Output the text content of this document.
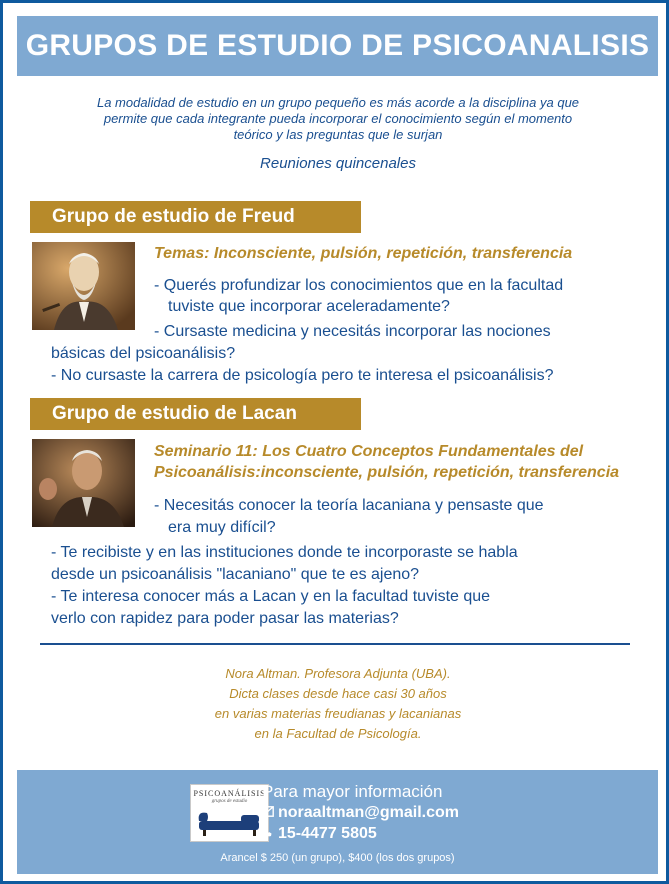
GRUPOS DE ESTUDIO DE PSICOANALISIS
La modalidad de estudio en un grupo pequeño es más acorde a la disciplina ya que
permite que cada integrante pueda incorporar el conocimiento según el momento
teórico y las preguntas que le surjan
Reuniones quincenales
Grupo de estudio de Freud
Temas: Inconsciente, pulsión, repetición, transferencia
- Querés profundizar los conocimientos que en la facultad
tuviste que incorporar aceleradamente?
- Cursaste medicina y necesitás incorporar las nociones
básicas del psicoanálisis?
- No cursaste la carrera de psicología pero te interesa el psicoanálisis?
Grupo de estudio de Lacan
Seminario 11: Los Cuatro Conceptos Fundamentales del
Psicoanálisis:inconsciente, pulsión, repetición, transferencia
- Necesitás conocer la teoría lacaniana y pensaste que
era muy difícil?
- Te recibiste y en las instituciones donde te incorporaste se habla
desde un psicoanálisis "lacaniano" que te es ajeno?
- Te interesa conocer más a Lacan y en la facultad tuviste que
verlo con rapidez para poder pasar las materias?
Nora Altman. Profesora Adjunta (UBA).
Dicta clases desde hace casi 30 años
en varias materias freudianas y lacanianas
en la Facultad de Psicología.
PSICOANÁLISIS
grupos de estudio
Para mayor información
noraaltman@gmail.com
15-4477 5805
Arancel $ 250 (un grupo), $400 (los dos grupos)
